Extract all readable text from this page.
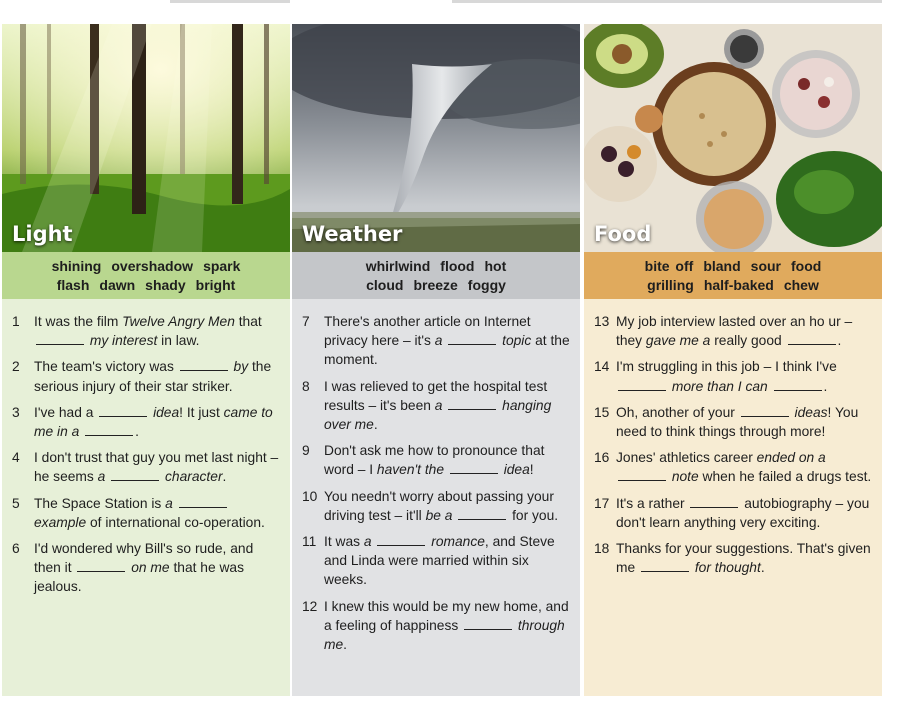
Light
shining overshadow spark
flash dawn shady bright
1	It was the film Twelve Angry Men that  my interest in law.
2	The team's victory was	by the serious injury of their star striker.
3	I've had a	idea! It just came to me in a	.
4	I don't trust that guy you met last night – he seems a	character.
5	The Space Station is a  example of international co-operation.
6	I'd wondered why Bill's so rude, and then it	on me that he was jealous.
Weather
whirlwind flood hot
cloud breeze foggy
7	There's another article on Internet privacy here – it's a	topic at the moment.
8	I was relieved to get the hospital test results – it's been a	hanging over me.
9	Don't ask me how to pronounce that word – I haven't the	idea!
10 You needn't worry about passing your driving test – it'll be a	for you.
11 It was a	romance, and Steve and Linda were married within six weeks.
12 I knew this would be my new home, and a feeling of happiness	through me.
Food
bite off bland sour food
grilling half-baked chew
13 My job interview lasted over an ho ur – they gave me a really good	.
14 I'm struggling in this job – I think I've  more than I can	.
15 Oh, another of your	ideas! You need to think things through more!
16 Jones' athletics career ended on a  note when he failed a drugs test.
17 It's a rather	autobiography – you don't learn anything very exciting.
18 Thanks for your suggestions. That's given me	for thought.
